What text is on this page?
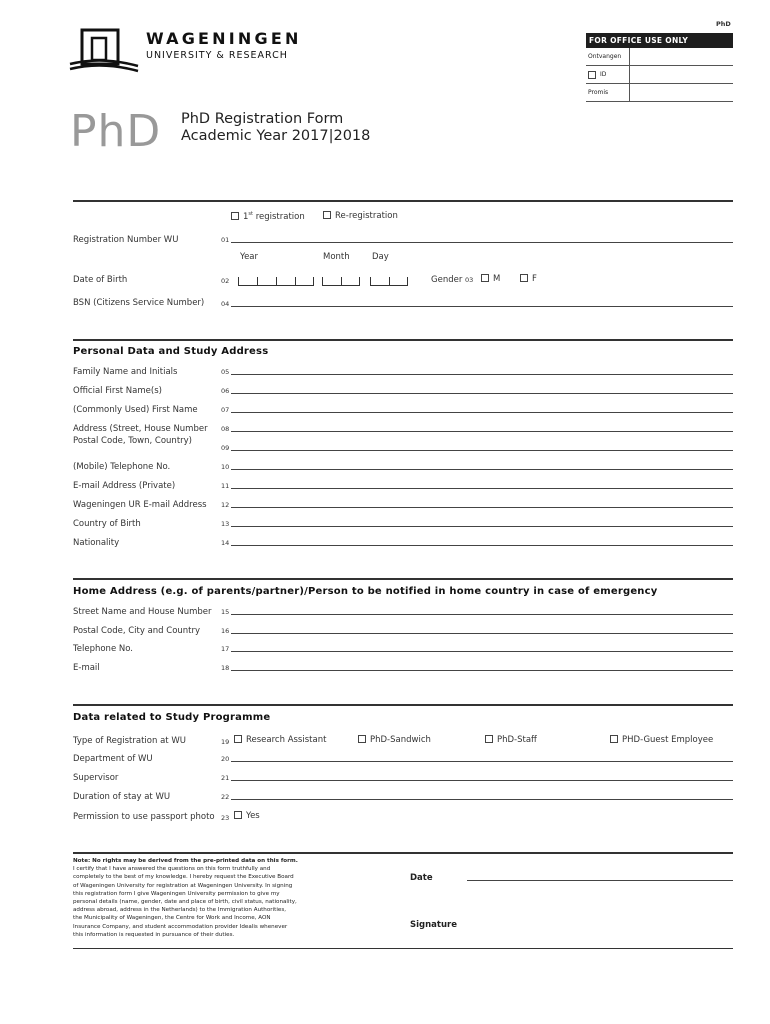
PhD
WAGENINGEN
UNIVERSITY & RESEARCH
FOR OFFICE USE ONLY
Ontvangen
ID
Promis
PhD PhD Registration Form
Academic Year 2017|2018
1st registration	Re-registration
Registration Number WU	01
Year	Month	Day
Date of Birth	02	Gender 03	M	F
BSN (Citizens Service Number)	04
Personal Data and Study Address
Family Name and Initials	05
Official First Name(s)	06
(Commonly Used) First Name	07
Address (Street, House Number 08
Postal Code, Town, Country)
09
(Mobile) Telephone No.	10
E-mail Address (Private)	11
Wageningen UR E-mail Address 12
Country of Birth	13
Nationality	14
Home Address (e.g. of parents/partner)/Person to be notified in home country in case of emergency
Street Name and House Number 15
Postal Code, City and Country	16
Telephone No.	17
E-mail	18
Data related to Study Programme
Type of Registration at WU	19	Research Assistant	PhD-Sandwich	PhD-Staff	PHD-Guest Employee
Department of WU	20
Supervisor	21
Duration of stay at WU	22
Permission to use passport photo 23	Yes
Note: No rights may be derived from the pre-printed data on this form.
I certify that I have answered the questions on this form truthfully and
completely to the best of my knowledge. I hereby request the Executive Board
of Wageningen University for registration at Wageningen University. In signing
this registration form I give Wageningen University permission to give my
personal details (name, gender, date and place of birth, civil status, nationality,
address abroad, address in the Netherlands) to the Immigration Authorities,
the Municipality of Wageningen, the Centre for Work and Income, AON
Insurance Company, and student accommodation provider Idealis whenever
this information is requested in pursuance of their duties.
Date
Signature
